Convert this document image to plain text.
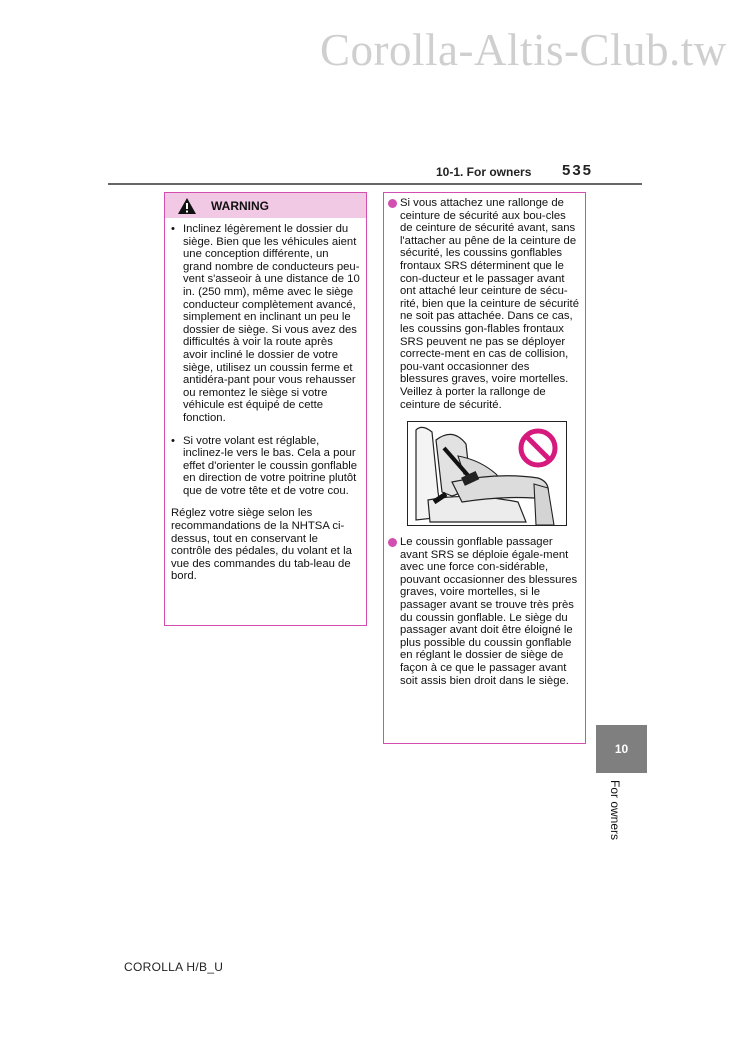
Corolla-Altis-Club.tw
10-1. For owners 535
WARNING
• Inclinez légèrement le dossier du siège. Bien que les véhicules aient une conception différente, un grand nombre de conducteurs peu-vent s'asseoir à une distance de 10 in. (250 mm), même avec le siège conducteur complètement avancé, simplement en inclinant un peu le dossier de siège. Si vous avez des difficultés à voir la route après avoir incliné le dossier de votre siège, utilisez un coussin ferme et antidéra-pant pour vous rehausser ou remontez le siège si votre véhicule est équipé de cette fonction.
• Si votre volant est réglable, inclinez-le vers le bas. Cela a pour effet d'orienter le coussin gonflable en direction de votre poitrine plutôt que de votre tête et de votre cou.
Réglez votre siège selon les recommandations de la NHTSA ci-dessus, tout en conservant le contrôle des pédales, du volant et la vue des commandes du tab-leau de bord.
Si vous attachez une rallonge de ceinture de sécurité aux bou-cles de ceinture de sécurité avant, sans l'attacher au pêne de la ceinture de sécurité, les coussins gonflables frontaux SRS déterminent que le con-ducteur et le passager avant ont attaché leur ceinture de sécu-rité, bien que la ceinture de sécurité ne soit pas attachée. Dans ce cas, les coussins gon-flables frontaux SRS peuvent ne pas se déployer correcte-ment en cas de collision, pou-vant occasionner des blessures graves, voire mortelles. Veillez à porter la rallonge de ceinture de sécurité.
Le coussin gonflable passager avant SRS se déploie égale-ment avec une force con-sidérable, pouvant occasionner des blessures graves, voire mortelles, si le passager avant se trouve très près du coussin gonflable. Le siège du passager avant doit être éloigné le plus possible du coussin gonflable en réglant le dossier de siège de façon à ce que le passager avant soit assis bien droit dans le siège.
10
For owners
COROLLA H/B_U
